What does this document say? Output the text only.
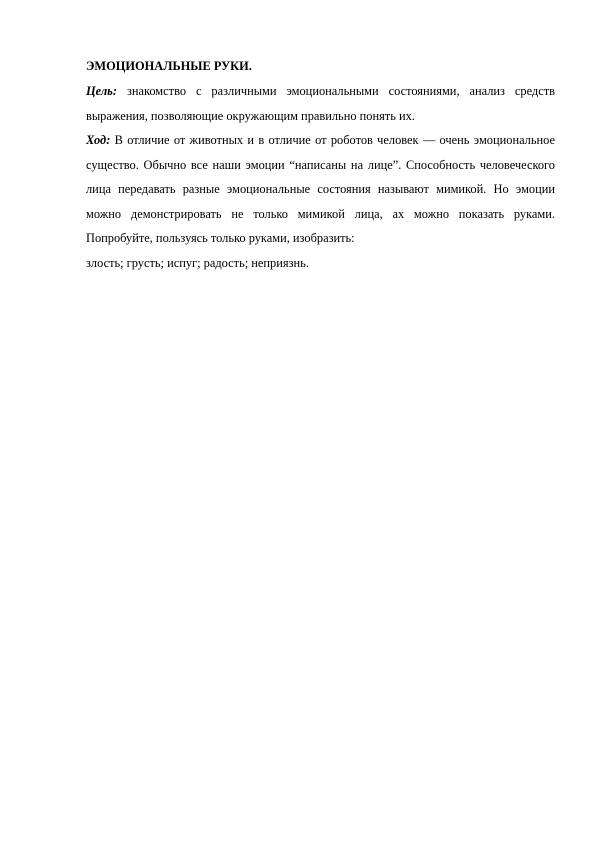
ЭМОЦИОНАЛЬНЫЕ РУКИ.

Цель: знакомство с различными эмоциональными состояниями, анализ средств выражения, позволяющие окружающим правильно понять их.

Ход: В отличие от животных и в отличие от роботов человек — очень эмоциональное существо. Обычно все наши эмоции “написаны на лице”. Способность человеческого лица передавать разные эмоциональные состояния называют мимикой. Но эмоции можно демонстрировать не только мимикой лица, ах можно показать руками. Попробуйте, пользуясь только руками, изобразить:

злость; грусть; испуг; радость; неприязнь.
